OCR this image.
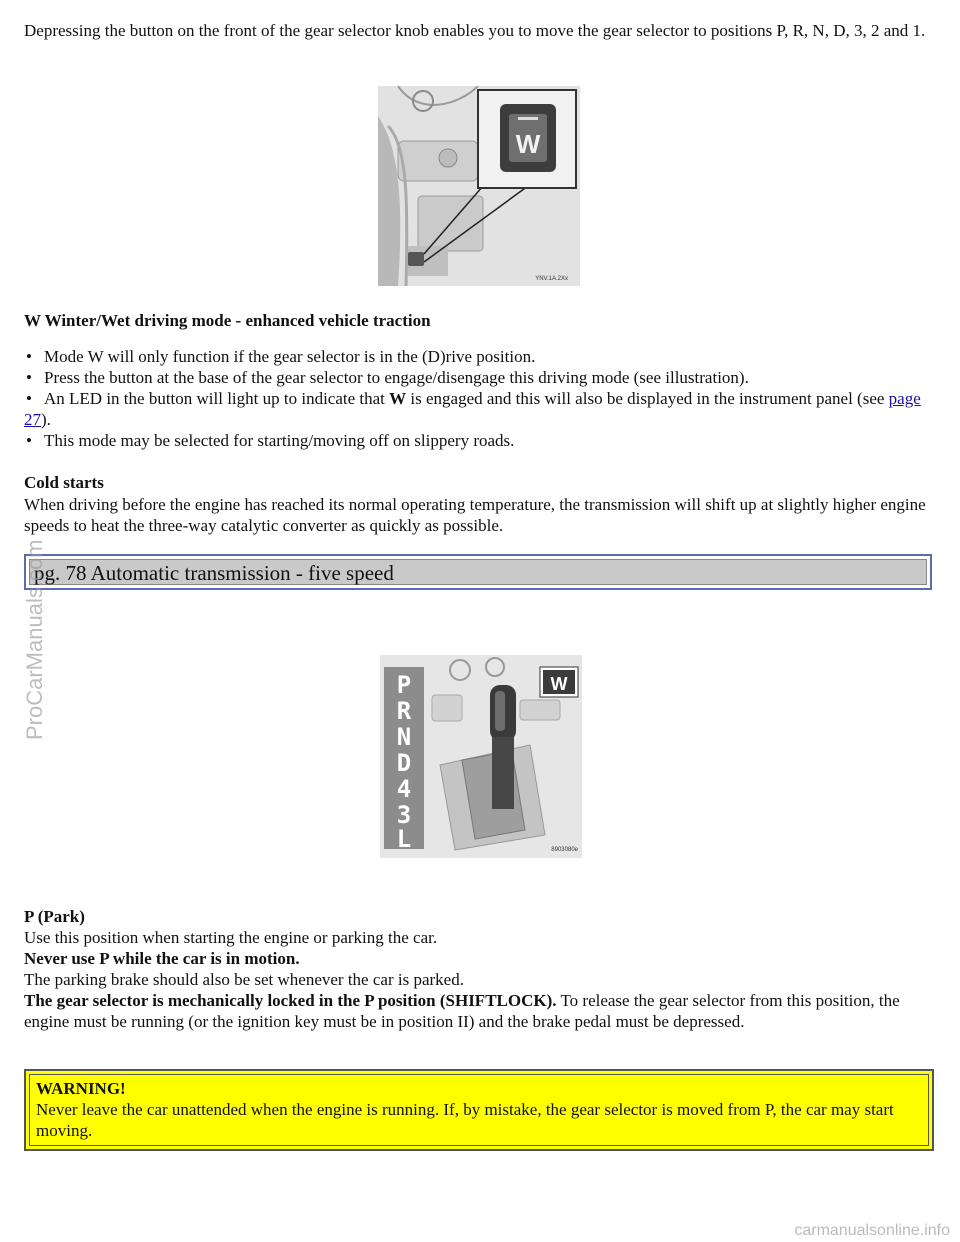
Depressing the button on the front of the gear selector knob enables you to move the gear selector to positions P, R, N, D, 3, 2 and 1.

W
YNV.1A.2Xx

W Winter/Wet driving mode - enhanced vehicle traction

• Mode W will only function if the gear selector is in the (D)rive position.
• Press the button at the base of the gear selector to engage/disengage this driving mode (see illustration).
• An LED in the button will light up to indicate that W is engaged and this will also be displayed in the instrument panel (see page 27).
• This mode may be selected for starting/moving off on slippery roads.

Cold starts

When driving before the engine has reached its normal operating temperature, the transmission will shift up at slightly higher engine speeds to heat the three-way catalytic converter as quickly as possible.

pg. 78 Automatic transmission - five speed
P
R
N
D
4
3
L
W
8903080e

P (Park)

Use this position when starting the engine or parking the car.

Never use P while the car is in motion.

The parking brake should also be set whenever the car is parked.

The gear selector is mechanically locked in the P position (SHIFTLOCK). To release the gear selector from this position, the engine must be running (or the ignition key must be in position II) and the brake pedal must be depressed.

WARNING!

Never leave the car unattended when the engine is running. If, by mistake, the gear selector is moved from P, the car may start moving.

ProCarManuals.com
carmanualsonline.info
